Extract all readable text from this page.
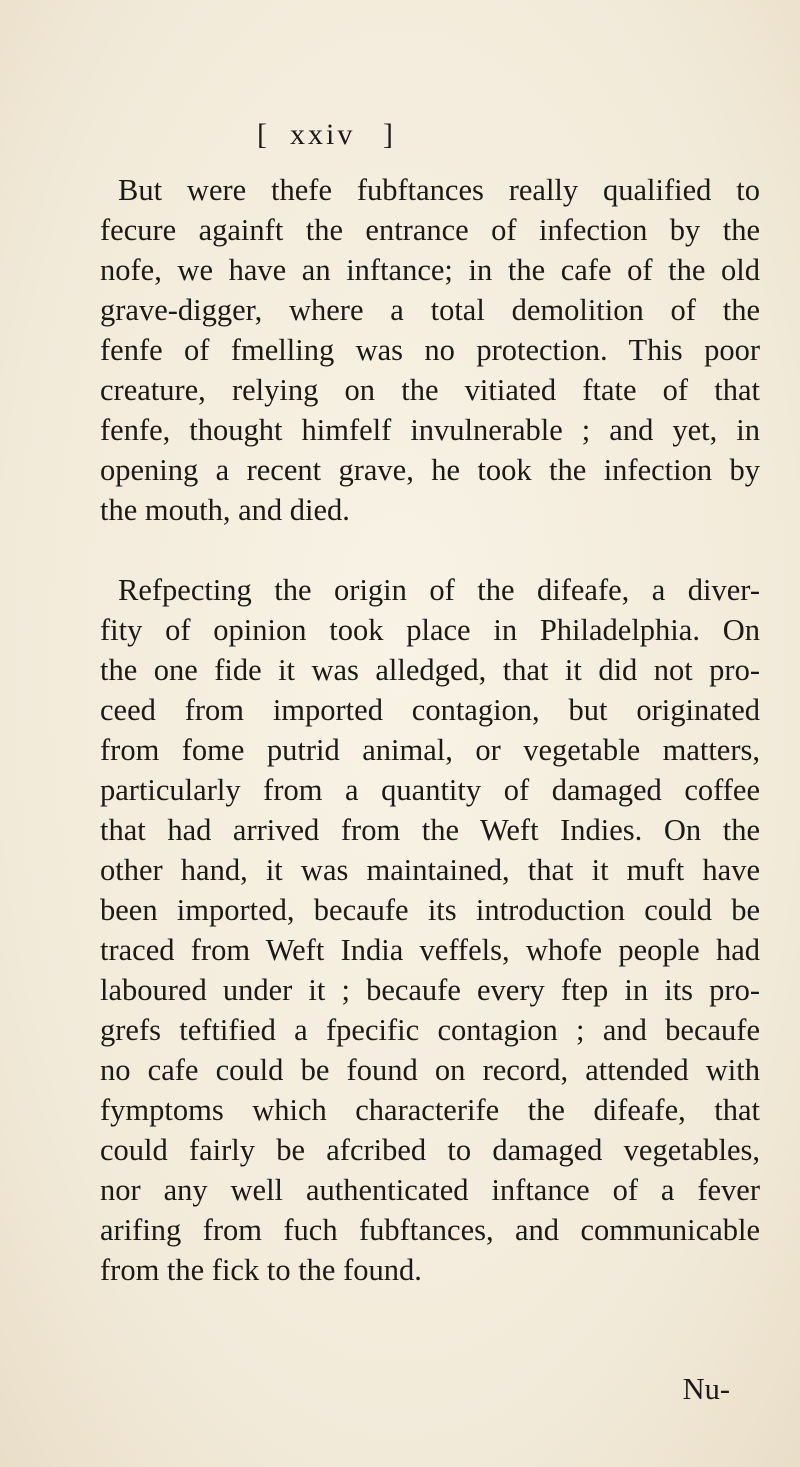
[ xxiv ]
But were thefe fubftances really qualified to
fecure againft the entrance of infection by the
nofe, we have an inftance; in the cafe of the old
grave-digger, where a total demolition of the
fenfe of fmelling was no protection. This poor
creature, relying on the vitiated ftate of that
fenfe, thought himfelf invulnerable ; and yet, in
opening a recent grave, he took the infection by
the mouth, and died.
Refpecting the origin of the difeafe, a diver-
fity of opinion took place in Philadelphia. On
the one fide it was alledged, that it did not pro-
ceed from imported contagion, but originated
from fome putrid animal, or vegetable matters,
particularly from a quantity of damaged coffee
that had arrived from the Weft Indies. On the
other hand, it was maintained, that it muft have
been imported, becaufe its introduction could be
traced from Weft India veffels, whofe people had
laboured under it ; becaufe every ftep in its pro-
grefs teftified a fpecific contagion ; and becaufe
no cafe could be found on record, attended with
fymptoms which characterife the difeafe, that
could fairly be afcribed to damaged vegetables,
nor any well authenticated inftance of a fever
arifing from fuch fubftances, and communicable
from the fick to the found.
Nu-
